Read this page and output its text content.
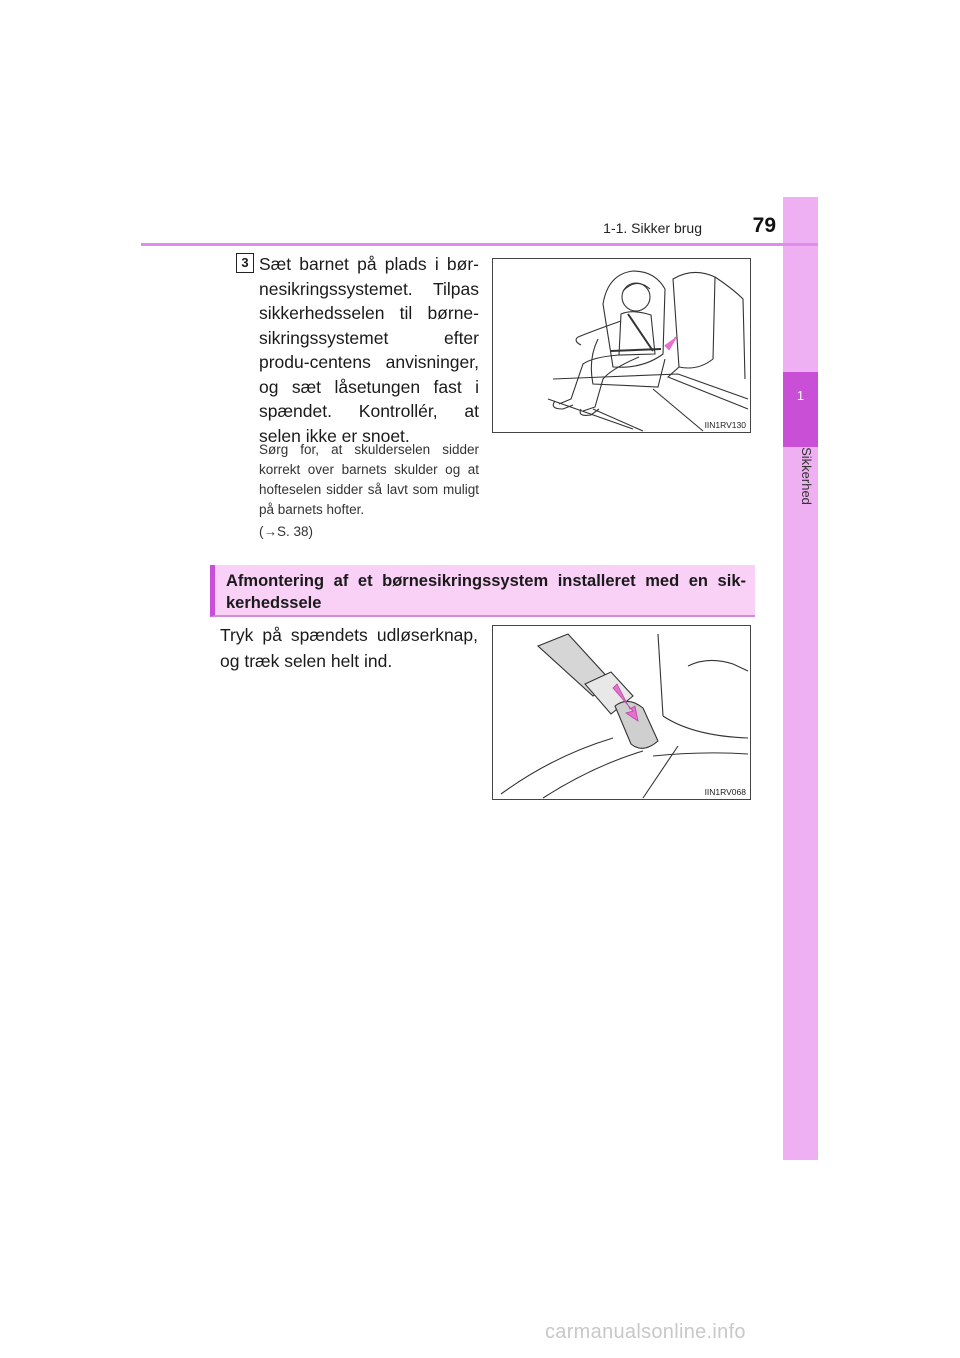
1
Sikkerhed
1-1. Sikker brug	79
3 Sæt barnet på plads i bør-nesikringssystemet. Tilpas sikkerhedsselen til børne-sikringssystemet efter produ-centens anvisninger, og sæt låsetungen fast i spændet. Kontrollér, at selen ikke er snoet.
Sørg for, at skulderselen sidder korrekt over barnets skulder og at hofteselen sidder så lavt som muligt på barnets hofter.
(→S. 38)
IIN1RV130
Afmontering af et børnesikringssystem installeret med en sik-kerhedssele
Tryk på spændets udløserknap, og træk selen helt ind.
IIN1RV068
carmanualsonline.info
